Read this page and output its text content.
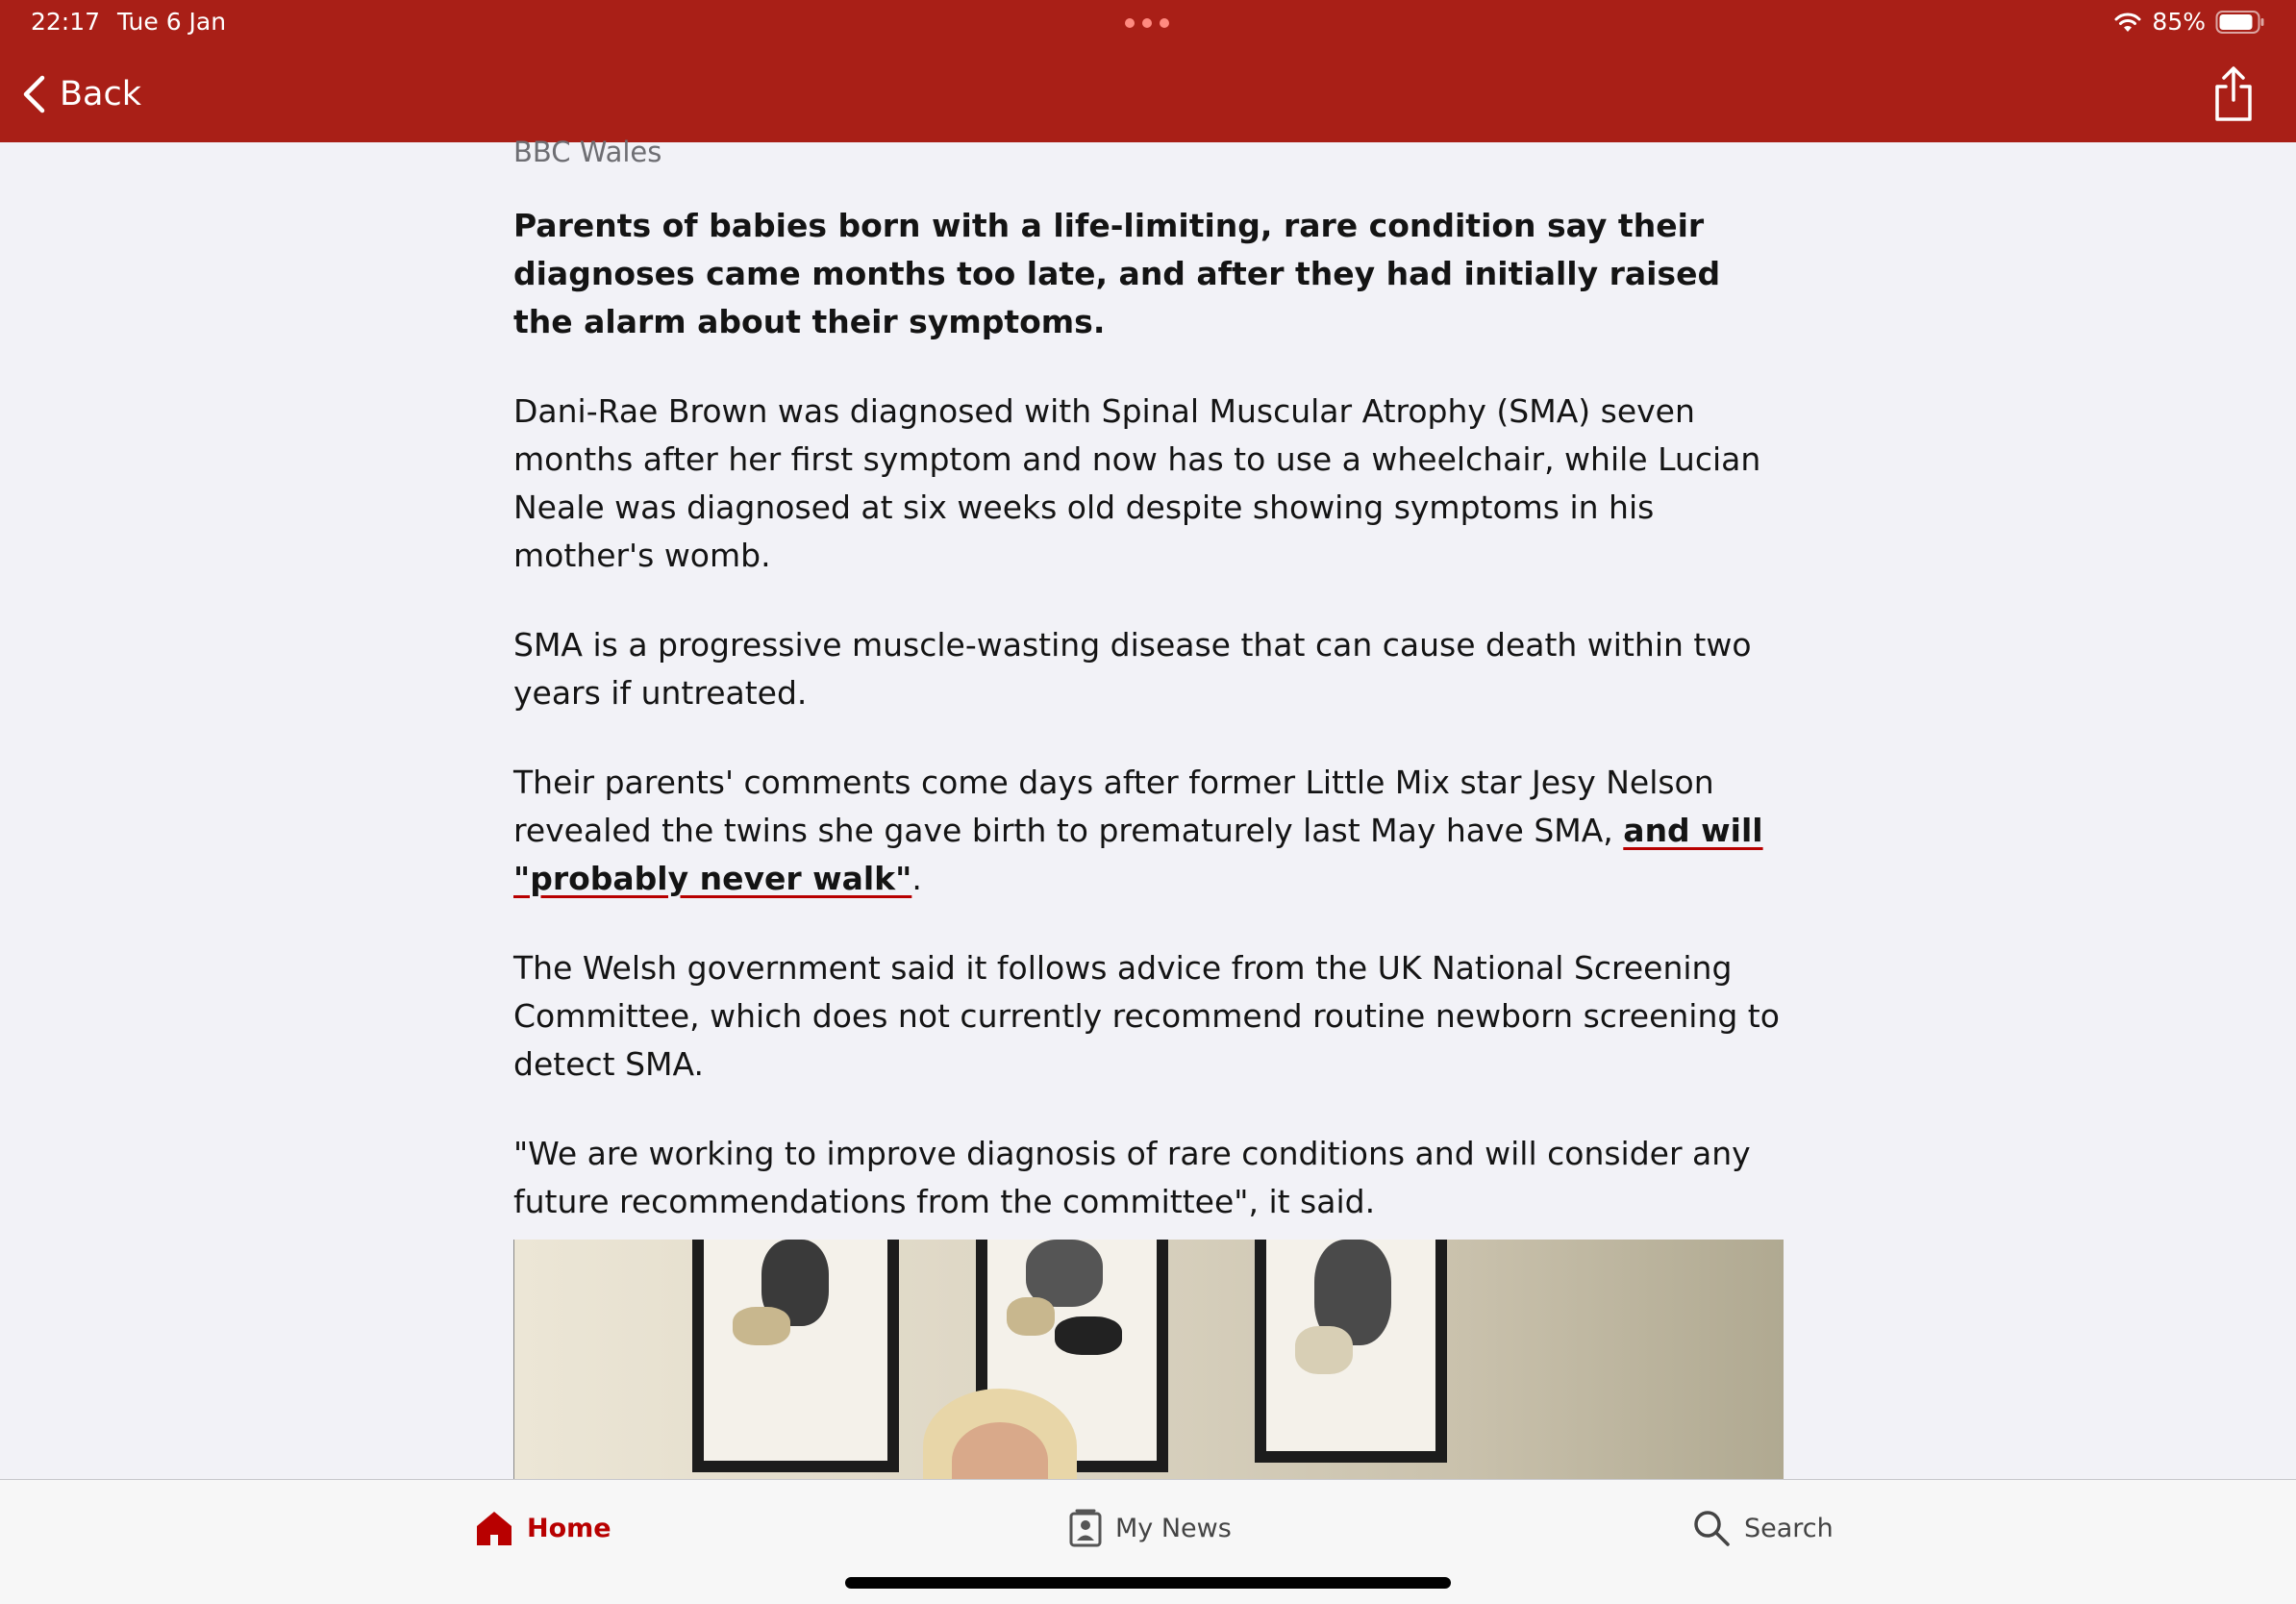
22:17 Tue 6 Jan	85%
Back

BBC Wales

Parents of babies born with a life-limiting, rare condition say their diagnoses came months too late, and after they had initially raised the alarm about their symptoms.

Dani-Rae Brown was diagnosed with Spinal Muscular Atrophy (SMA) seven months after her first symptom and now has to use a wheelchair, while Lucian Neale was diagnosed at six weeks old despite showing symptoms in his mother's womb.

SMA is a progressive muscle-wasting disease that can cause death within two years if untreated.

Their parents' comments come days after former Little Mix star Jesy Nelson revealed the twins she gave birth to prematurely last May have SMA, and will "probably never walk".

The Welsh government said it follows advice from the UK National Screening Committee, which does not currently recommend routine newborn screening to detect SMA.

"We are working to improve diagnosis of rare conditions and will consider any future recommendations from the committee", it said.

Home	My News	Search
